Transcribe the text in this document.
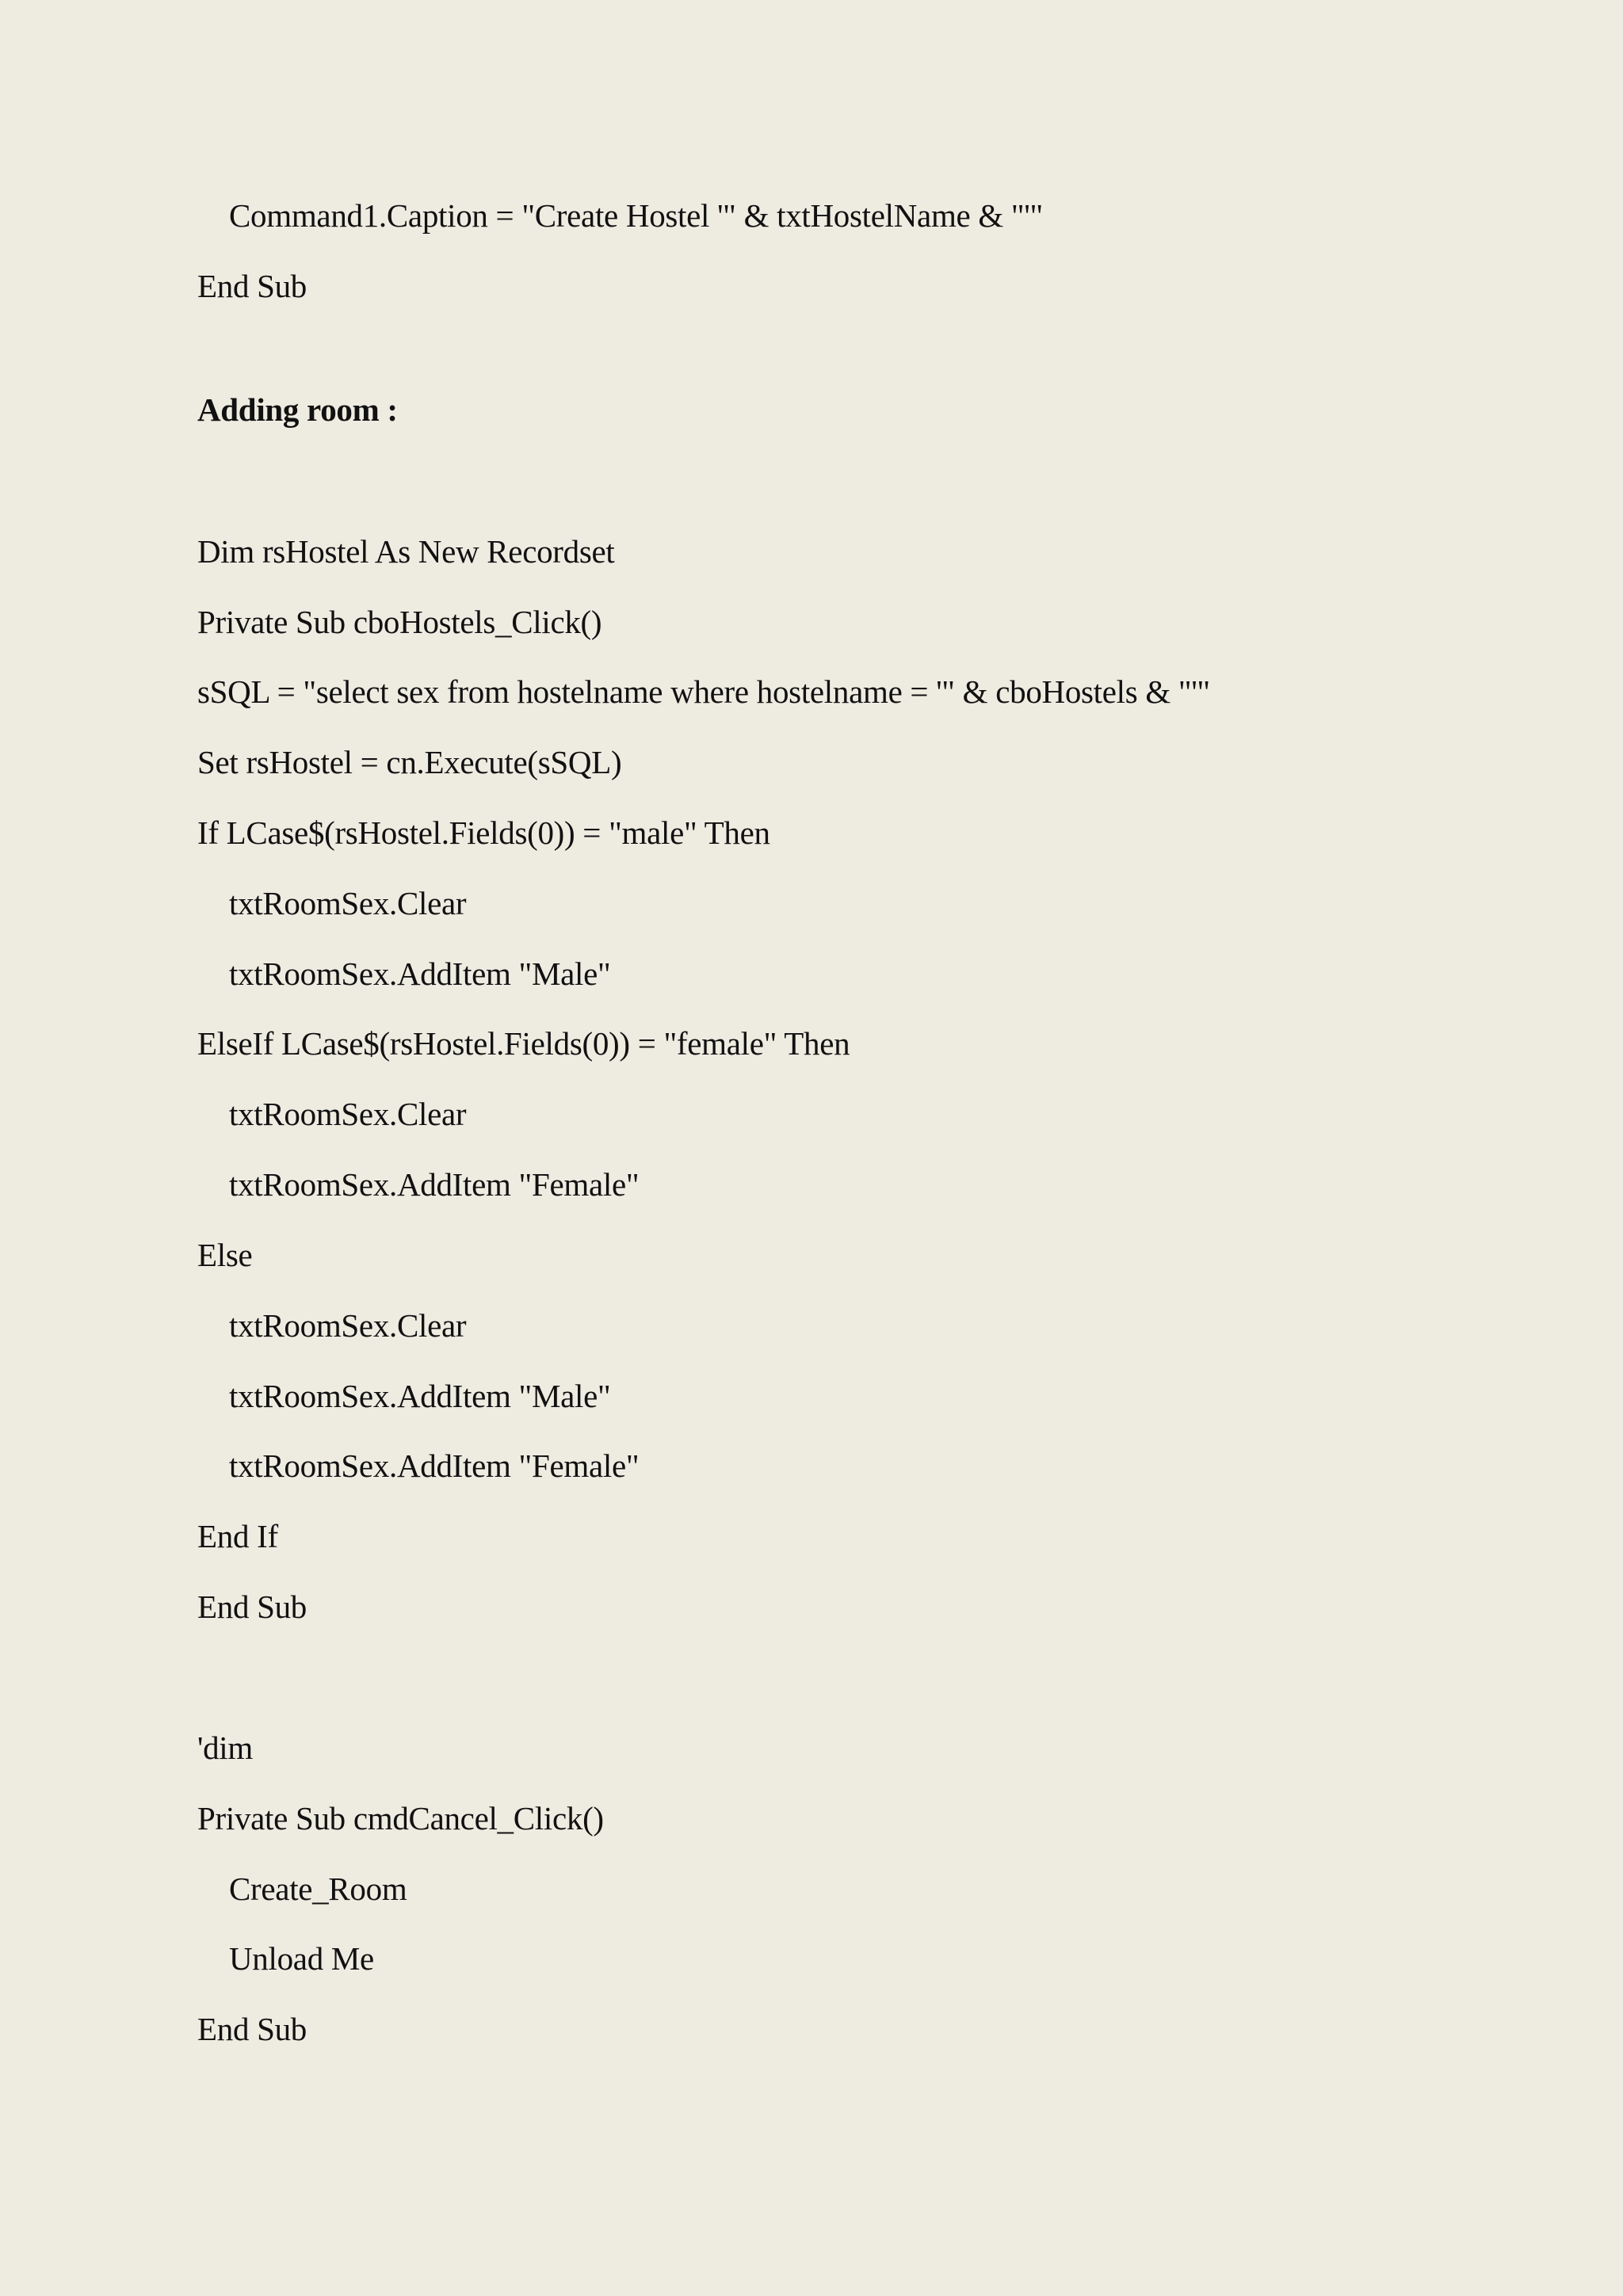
Command1.Caption = "Create Hostel '" & txtHostelName & "'"
End Sub
Adding room :
Dim rsHostel As New Recordset
Private Sub cboHostels_Click()
sSQL = "select sex from hostelname where hostelname = '" & cboHostels & "'"
Set rsHostel = cn.Execute(sSQL)
If LCase$(rsHostel.Fields(0)) = "male" Then
txtRoomSex.Clear
txtRoomSex.AddItem "Male"
ElseIf LCase$(rsHostel.Fields(0)) = "female" Then
txtRoomSex.Clear
txtRoomSex.AddItem "Female"
Else
txtRoomSex.Clear
txtRoomSex.AddItem "Male"
txtRoomSex.AddItem "Female"
End If
End Sub
'dim
Private Sub cmdCancel_Click()
Create_Room
Unload Me
End Sub
